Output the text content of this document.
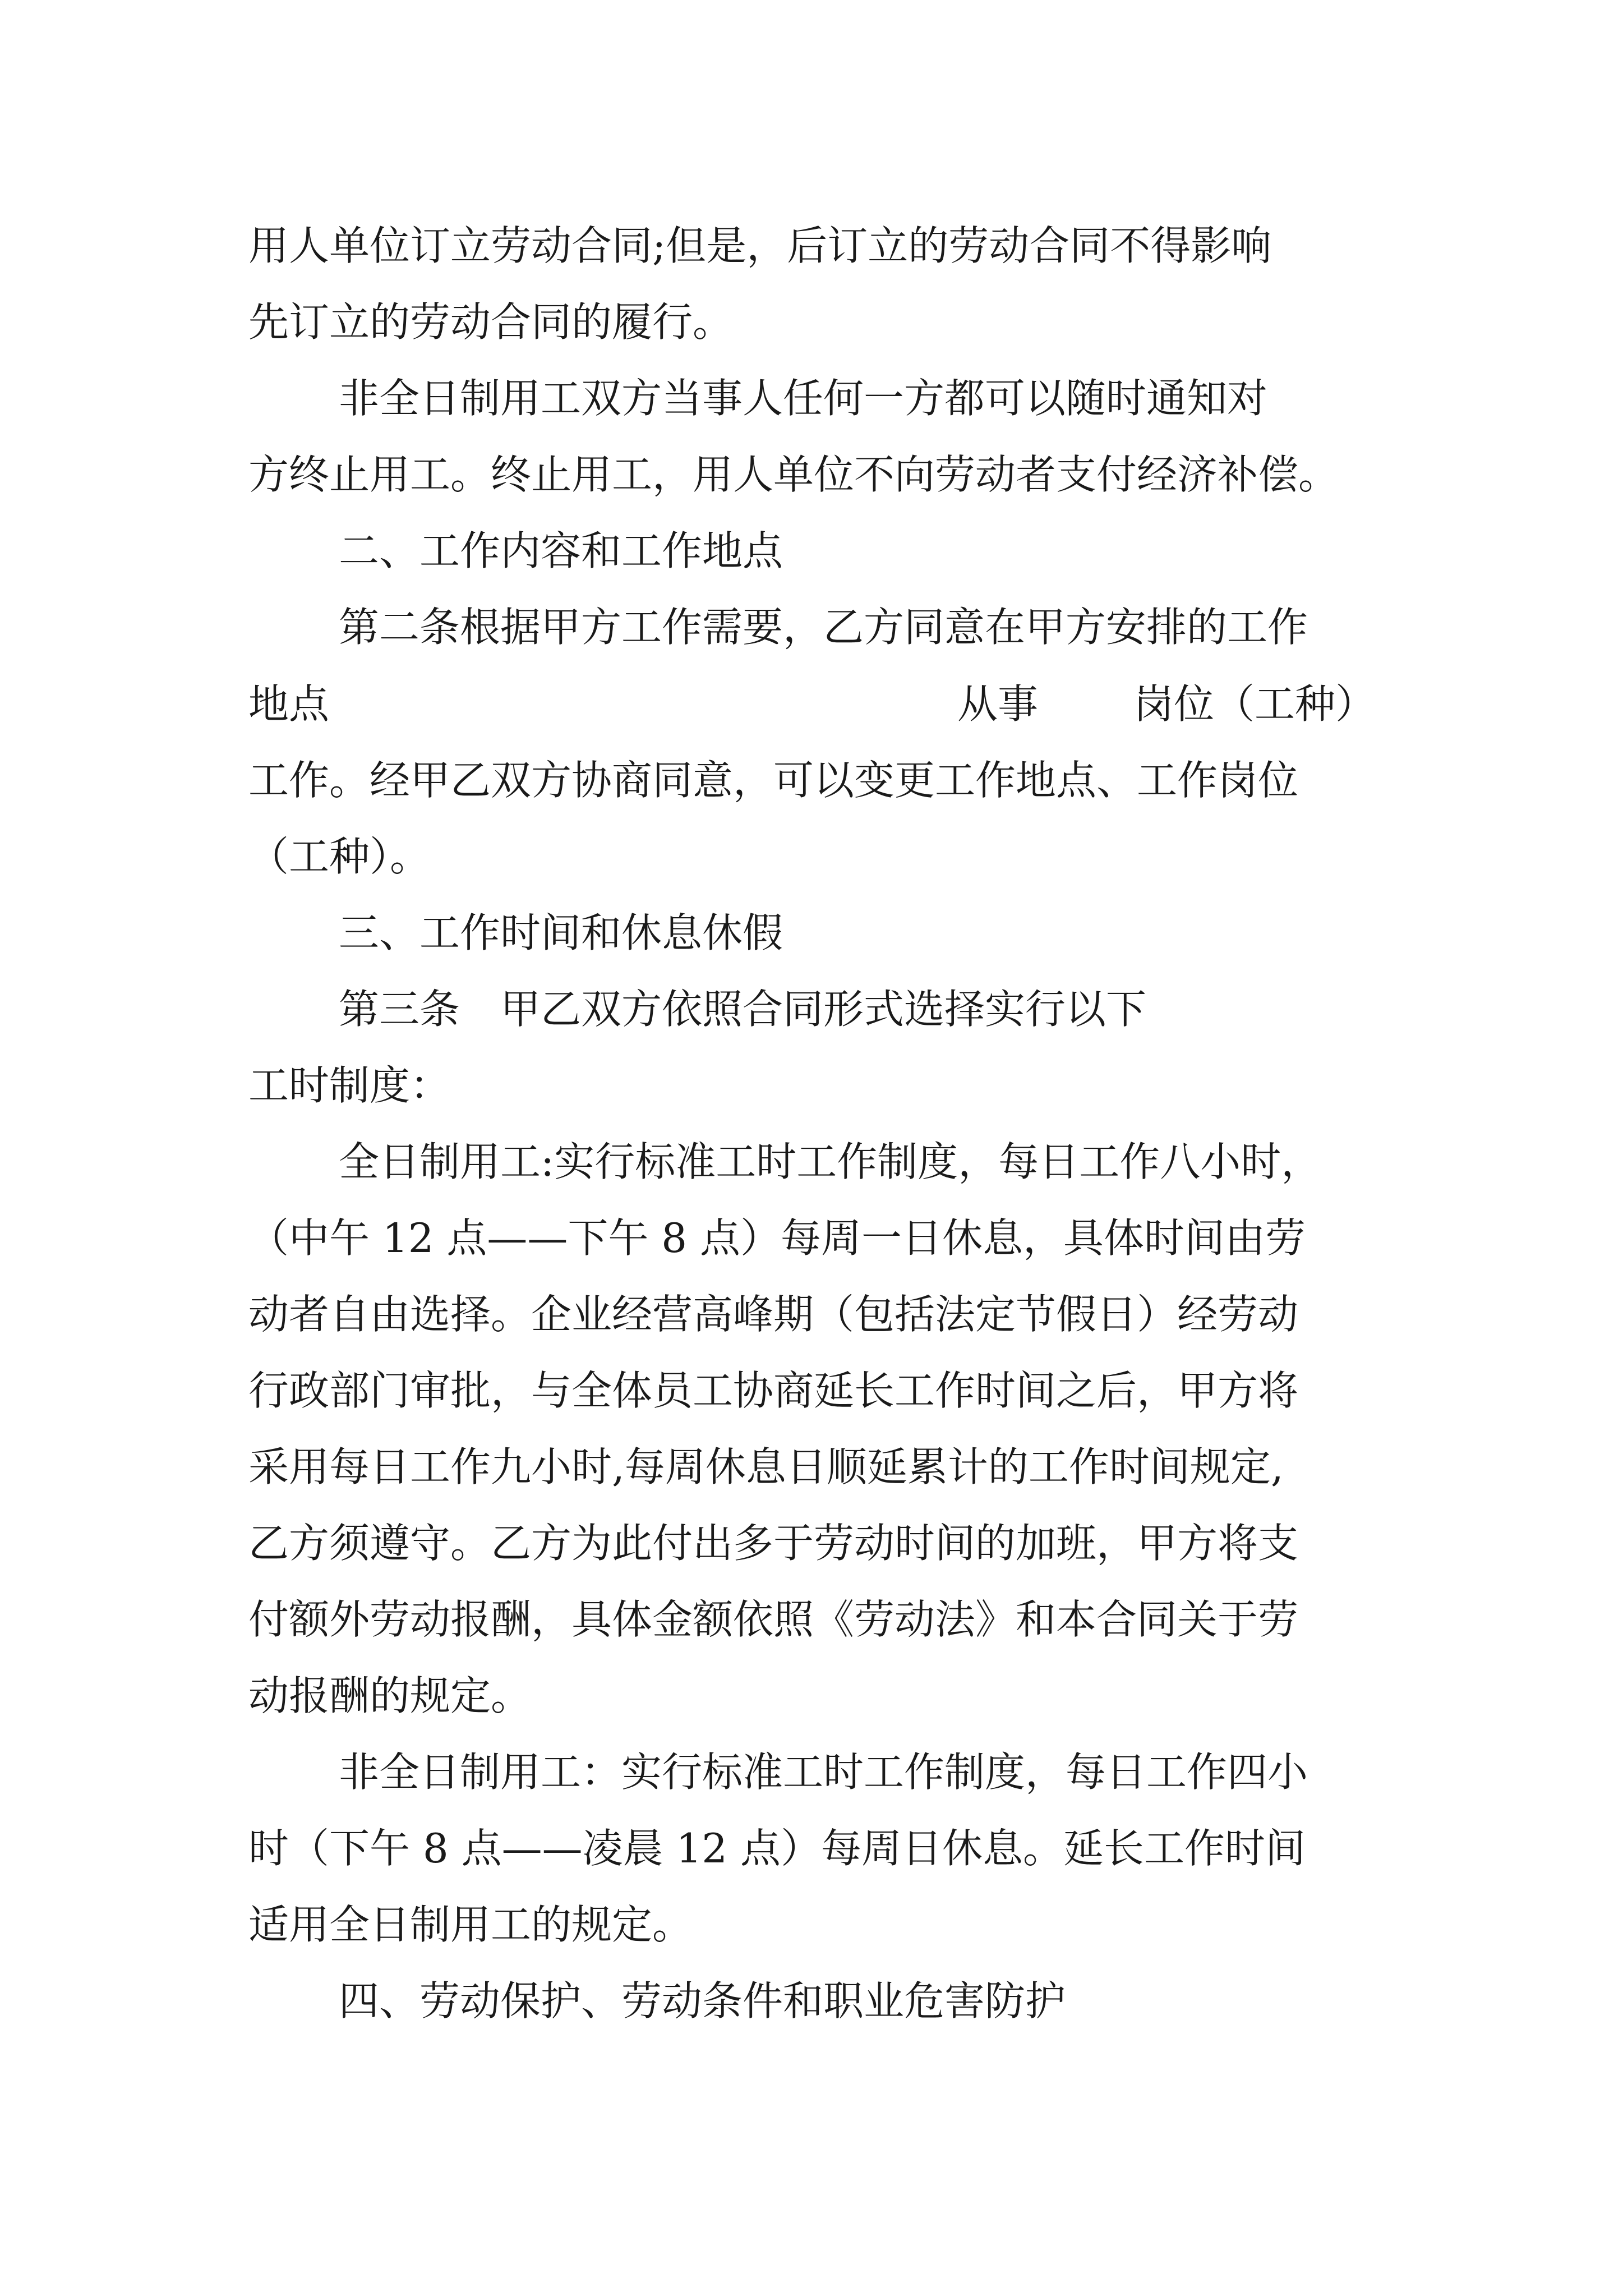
用人单位订立劳动合同;但是，后订立的劳动合同不得影响

先订立的劳动合同的履行。

非全日制用工双方当事人任何一方都可以随时通知对

方终止用工。终止用工，用人单位不向劳动者支付经济补偿。

二、工作内容和工作地点

第二条根据甲方工作需要，乙方同意在甲方安排的工作

地点	从事 岗位（工种）

工作。经甲乙双方协商同意，可以变更工作地点、工作岗位

（工种）。

三、工作时间和休息休假

第三条　甲乙双方依照合同形式选择实行以下

工时制度：

全日制用工:实行标准工时工作制度，每日工作八小时，

（中午 12 点——下午 8 点）每周一日休息，具体时间由劳

动者自由选择。企业经营高峰期（包括法定节假日）经劳动

行政部门审批，与全体员工协商延长工作时间之后，甲方将

采用每日工作九小时,每周休息日顺延累计的工作时间规定,

乙方须遵守。乙方为此付出多于劳动时间的加班，甲方将支

付额外劳动报酬，具体金额依照《劳动法》和本合同关于劳

动报酬的规定。

非全日制用工：实行标准工时工作制度，每日工作四小

时（下午 8 点——凌晨 12 点）每周日休息。延长工作时间

适用全日制用工的规定。

四、劳动保护、劳动条件和职业危害防护
